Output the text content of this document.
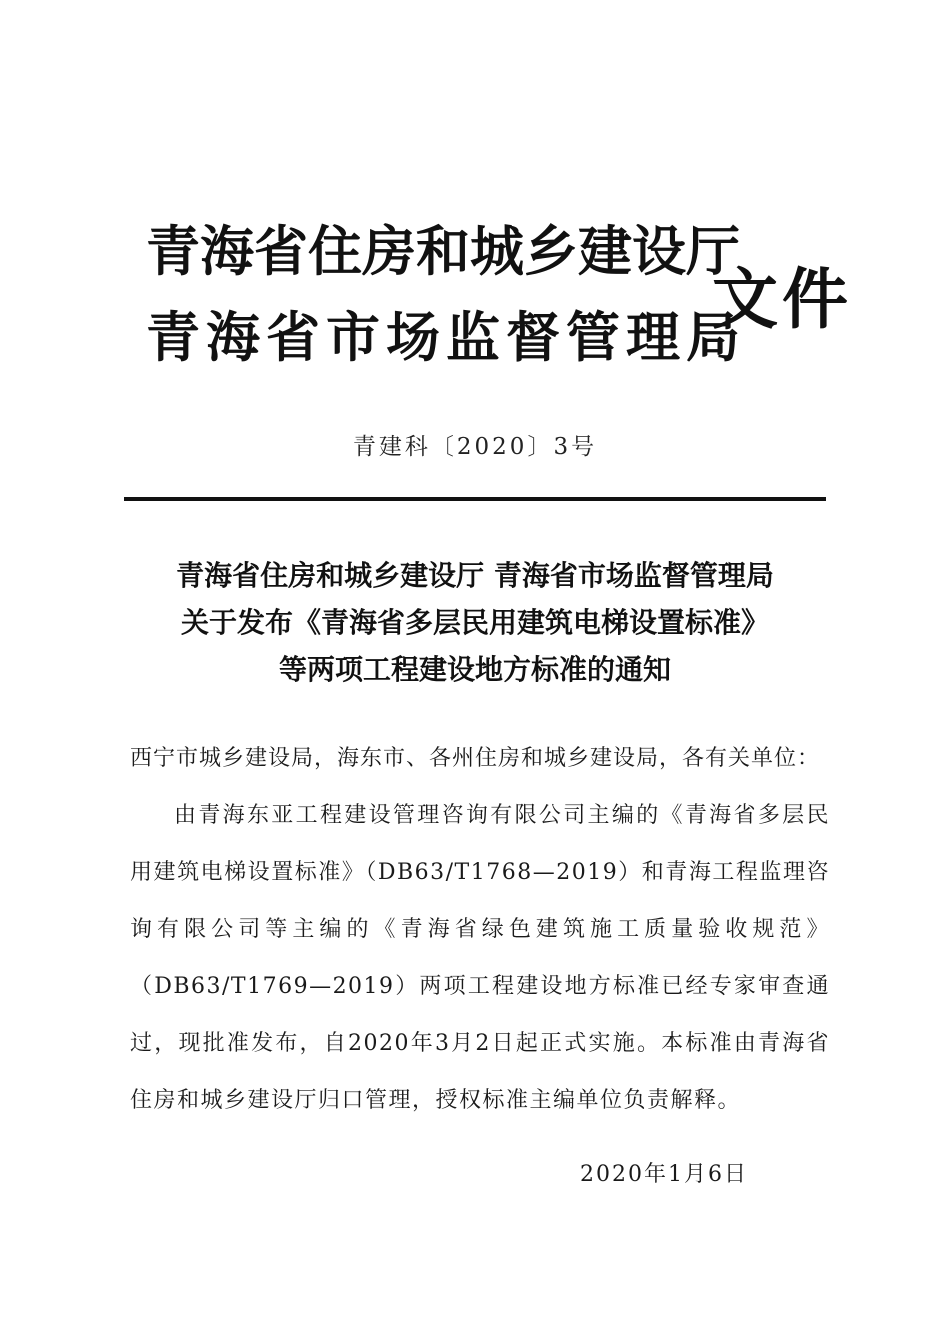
青海省住房和城乡建设厅
青海省市场监督管理局
文件
青建科〔2020〕3号
青海省住房和城乡建设厅 青海省市场监督管理局
关于发布《青海省多层民用建筑电梯设置标准》
等两项工程建设地方标准的通知

西宁市城乡建设局，海东市、各州住房和城乡建设局，各有关单位：

由青海东亚工程建设管理咨询有限公司主编的《青海省多层民用建筑电梯设置标准》（DB63/T1768—2019）和青海工程监理咨询有限公司等主编的《青海省绿色建筑施工质量验收规范》（DB63/T1769—2019）两项工程建设地方标准已经专家审查通过，现批准发布，自2020年3月2日起正式实施。本标准由青海省住房和城乡建设厅归口管理，授权标准主编单位负责解释。

2020年1月6日
